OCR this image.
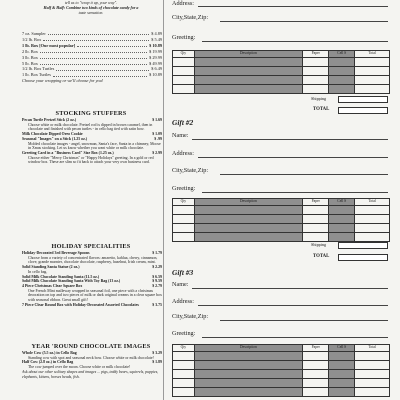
tell us to "wrap it up, your way".
Half & Half: Combine two kinds of chocolate candy for a
taste sensation.
7 oz. Sampler	$ 4.89
1/2 lb. Box	$ 5.49
1 lb. Box [Our most popular]	$ 10.89
2 lb. Box	$ 19.99
3 lb. Box	$ 29.99
5 lb. Box	$ 49.99
1/2 lb. Box Turtles	$ 6.49
1 lb. Box Turtles	$ 10.89
Choose your wrapping or we'll choose for you!
STOCKING STUFFERS
Pecan Turtle Pretzel Stick (2 oz.)	$ 1.69
Choose white or milk chocolate. Pretzel rod is dipped in brown caramel, then in chocolate and finished with pecan turtles - in cello bag tied with satin bow.
Milk Chocolate Dipped Oreo Cookie	$ 1.09
Seasonal "Images" on a Stick (1.25 oz.)	$ .99
Molded chocolate images - angel, snowman, Santa's face, Santa in a chimney, Moose in Xmas stocking. Let us know whether you want white or milk chocolate.
Greeting Card in a "Business Card" Size Box (1.25 oz.)	$ 2.99
Choose either "Merry Christmas" or "Happy Holidays" greeting. In a gold or red window box. These are slim so fit back to attach your very own business card.
HOLIDAY SPECIALITIES
Holiday-Decorated 3rd Beverage Spoons	$ 1.79
Choose from a variety of concentrated flavors: amaretto, kahlua, cherry, cinnamon, clove, grande marnier, chocolate chocolate, raspberry, hazelnut, Irish cream, mint.
Solid Standing Santa Statue (2 oz.)	$ 2.29
In cello bag.
Solid Milk Chocolate Standing Santa (11.5 oz.)	$ 6.59
Solid Milk Chocolate Standing Santa With Toy Bag (13 oz.)	$ 9.59
4 Piece Christmas Clear Square Box	$ 2.79
One French Mint malleway wrapped in seasonal foil, one piece with a christmas decoration on top and two pieces of milk or dark original creams in a clear square box with seasonal ribbon. Great small gift!
7 Piece Clear Round Box with Holiday-Decorated Assorted Chocolates	$ 3.75
YEAR 'ROUND CHOCOLATE IMAGES
Whole Cow (5.5 oz.) in Cello Bag	$ 3.29
Standing cow with spot and seasonal neck bow. Choose white or milk chocolate!
Half Cow (2.8 oz.) in Cello Bag	$ 1.89
The cow jumped over the moon. Choose white or milk chocolate!
Ask about our other solitary shapes and images ... pigs, teddy bears, squirrels, puppies, elephants, kittens, horses heads, fish.
Address:
City,State,Zip:
Greeting:
Qty	Description	Paper	Cell S	Total

Shipping
TOTAL
Gift #2
Name:
Address:
City,State,Zip:
Greeting:
Qty	Description	Paper	Cell S	Total

Shipping
TOTAL
Gift #3
Name:
Address:
City,State,Zip:
Greeting:
Qty	Description	Paper	Cell S	Total
